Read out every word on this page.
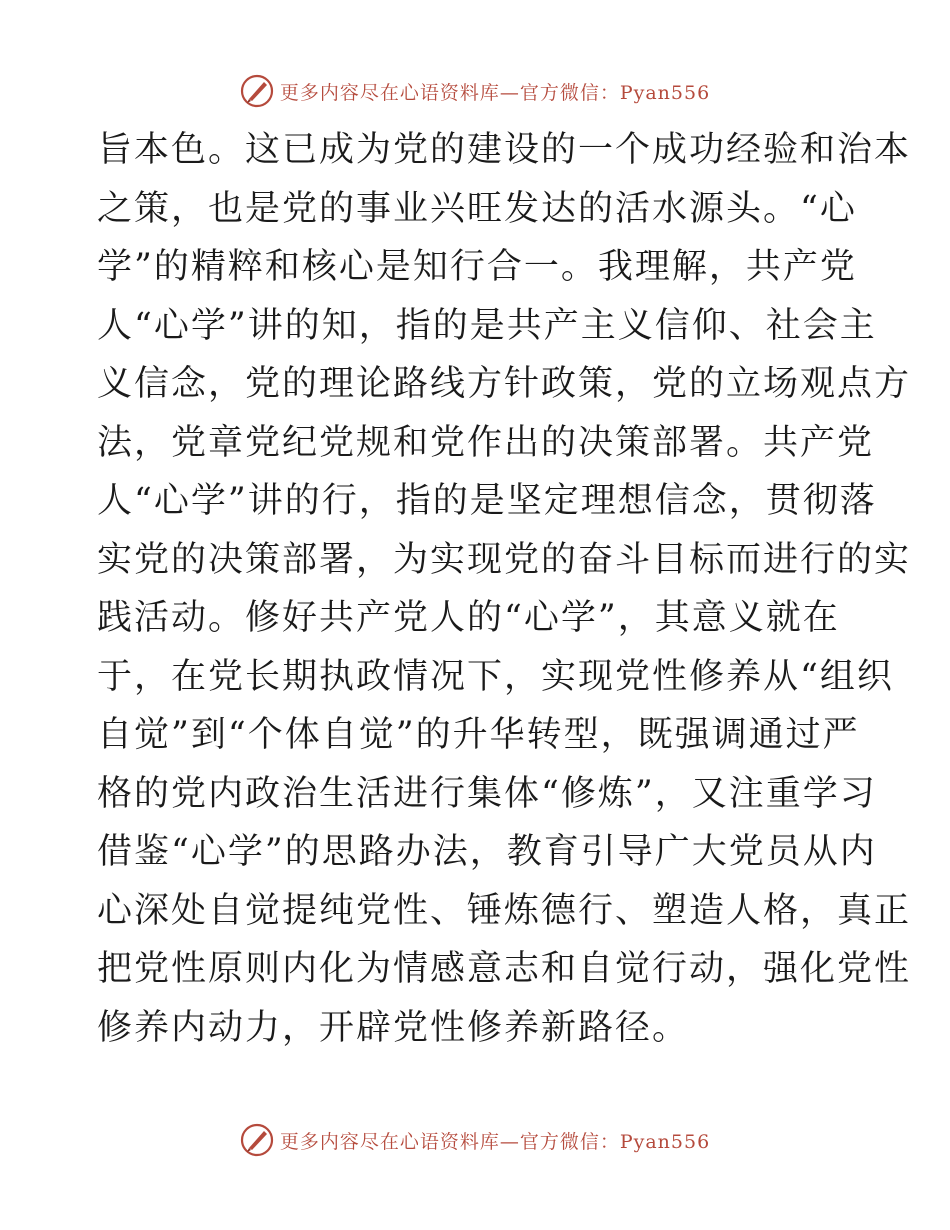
更多内容尽在心语资料库—官方微信：Pyan556
旨本色。这已成为党的建设的一个成功经验和治本
之策，也是党的事业兴旺发达的活水源头。“心
学”的精粹和核心是知行合一。我理解，共产党
人“心学”讲的知，指的是共产主义信仰、社会主
义信念，党的理论路线方针政策，党的立场观点方
法，党章党纪党规和党作出的决策部署。共产党
人“心学”讲的行，指的是坚定理想信念，贯彻落
实党的决策部署，为实现党的奋斗目标而进行的实
践活动。修好共产党人的“心学”，其意义就在
于，在党长期执政情况下，实现党性修养从“组织
自觉”到“个体自觉”的升华转型，既强调通过严
格的党内政治生活进行集体“修炼”，又注重学习
借鉴“心学”的思路办法，教育引导广大党员从内
心深处自觉提纯党性、锤炼德行、塑造人格，真正
把党性原则内化为情感意志和自觉行动，强化党性
修养内动力，开辟党性修养新路径。
更多内容尽在心语资料库—官方微信：Pyan556
